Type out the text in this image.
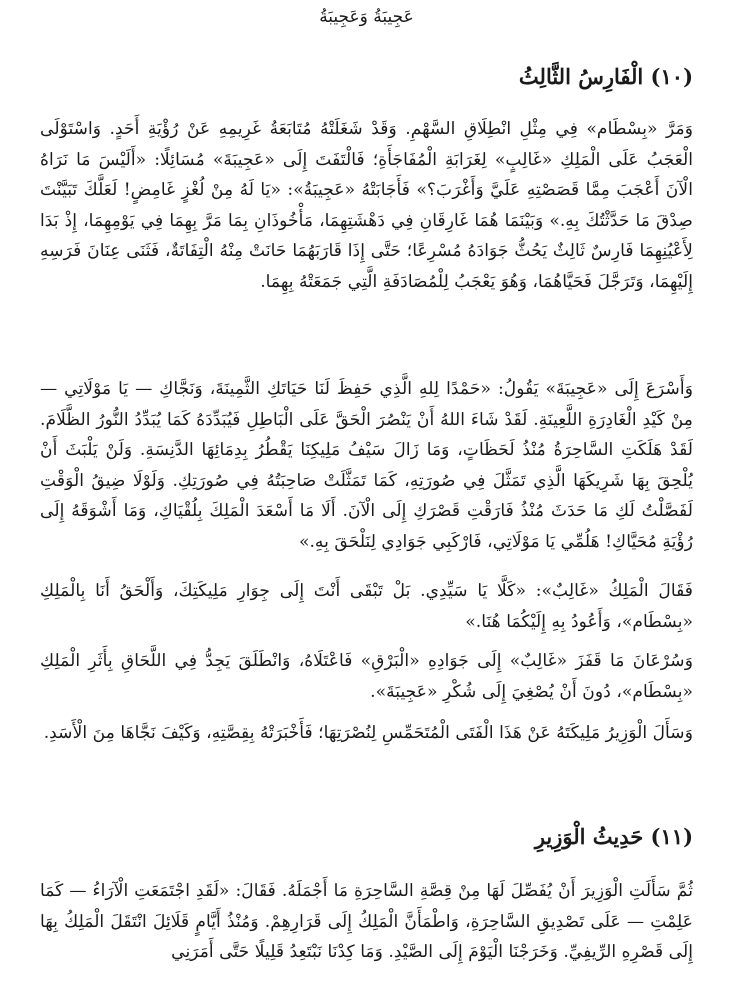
عَجِيبَةُ وَعَجِيبَةُ
(١٠) الْفَارِسُ الثَّالِثُ

وَمَرَّ «بِسْطَام» فِي مِثْلِ انْطِلَاقِ السَّهْمِ. وَقَدْ شَغَلَتْهُ مُتَابَعَةُ غَرِيمِهِ عَنْ رُؤْيَةِ أَحَدٍ. وَاسْتَوْلَى الْعَجَبُ عَلَى الْمَلِكِ «غَالِبٍ» لِغَرَابَةِ الْمُفَاجَأَةِ؛ فَالْتَفَتَ إِلَى «عَجِيبَةَ» مُسَائِلًا: «أَلَيْسَ مَا نَرَاهُ الْآنَ أَعْجَبَ مِمَّا قَصَصْتِهِ عَلَيَّ وَأَغْرَبَ؟» فَأَجَابَتْهُ «عَجِيبَةُ»: «يَا لَهُ مِنْ لُغْزٍ غَامِضٍ! لَعَلَّكَ تَبَيَّنْتَ صِدْقَ مَا حَدَّثْتُكَ بِهِ.» وَبَيْنَمَا هُمَا غَارِقَانِ فِي دَهْشَتِهِمَا، مَأْخُوذَانِ بِمَا مَرَّ بِهِمَا فِي يَوْمِهِمَا، إِذْ بَدَا لِأَعْيُنِهِمَا فَارِسٌ ثَالِثٌ يَحُثُّ جَوَادَهُ مُسْرِعًا؛ حَتَّى إِذَا قَارَبَهُمَا حَانَتْ مِنْهُ الْتِفَاتَةٌ، فَثَنَى عِنَانَ فَرَسِهِ إِلَيْهِمَا، وَتَرَجَّلَ فَحَيَّاهُمَا، وَهُوَ يَعْجَبُ لِلْمُصَادَفَةِ الَّتِي جَمَعَتْهُ بِهِمَا.

وَأَسْرَعَ إِلَى «عَجِيبَةَ» يَقُولُ: «حَمْدًا لِلهِ الَّذِي حَفِظَ لَنَا حَيَاتَكِ الثَّمِينَةَ، وَنَجَّاكِ — يَا مَوْلَاتِي — مِنْ كَيْدِ الْغَادِرَةِ اللَّعِينَةِ. لَقَدْ شَاءَ اللهُ أَنْ يَنْصُرَ الْحَقَّ عَلَى الْبَاطِلِ فَيُبَدِّدَهُ كَمَا يُبَدِّدُ النُّورُ الظَّلَامَ. لَقَدْ هَلَكَتِ السَّاحِرَةُ مُنْذُ لَحَظَاتٍ، وَمَا زَالَ سَيْفُ مَلِيكِنَا يَقْطُرُ بِدِمَائِهَا الدَّنِسَةِ. وَلَنْ يَلْبَثَ أَنْ يُلْحِقَ بِهَا شَرِيكَهَا الَّذِي تَمَثَّلَ فِي صُورَتِهِ، كَمَا تَمَثَّلَتْ صَاحِبَتُهُ فِي صُورَتِكِ. وَلَوْلَا ضِيقُ الْوَقْتِ لَفَصَّلْتُ لَكِ مَا حَدَثَ مُنْذُ فَارَقْتِ قَصْرَكِ إِلَى الْآنَ. أَلَا مَا أَسْعَدَ الْمَلِكَ بِلُقْيَاكِ، وَمَا أَشْوَقَهُ إِلَى رُؤْيَةِ مُحَيَّاكِ! هَلُمِّي يَا مَوْلَاتِي، فَارْكَبِي جَوَادِي لِنَلْحَقَ بِهِ.»

فَقَالَ الْمَلِكُ «غَالِبٌ»: «كَلَّا يَا سَيِّدِي. بَلْ تَبْقَى أَنْتَ إِلَى جِوَارِ مَلِيكَتِكَ، وَأَلْحَقُ أَنَا بِالْمَلِكِ «بِسْطَام»، وَأَعُودُ بِهِ إِلَيْكُمَا هُنَا.»

وَسُرْعَانَ مَا قَفَزَ «غَالِبٌ» إِلَى جَوَادِهِ «الْبَرْقِ» فَاعْتَلَاهُ، وَانْطَلَقَ يَجِدُّ فِي اللَّحَاقِ بِأَثَرِ الْمَلِكِ «بِسْطَام»، دُونَ أَنْ يُصْغِيَ إِلَى شُكْرِ «عَجِيبَةَ».

وَسَأَلَ الْوَزِيرُ مَلِيكَتَهُ عَنْ هَذَا الْفَتَى الْمُتَحَمِّسِ لِنُصْرَتِهَا؛ فَأَخْبَرَتْهُ بِقِصَّتِهِ، وَكَيْفَ نَجَّاهَا مِنَ الْأَسَدِ.

(١١) حَدِيثُ الْوَزِيرِ

ثُمَّ سَأَلَتِ الْوَزِيرَ أَنْ يُفَصِّلَ لَهَا مِنْ قِصَّةِ السَّاحِرَةِ مَا أَجْمَلَهُ. فَقَالَ: «لَقَدِ اجْتَمَعَتِ الْآرَاءُ — كَمَا عَلِمْتِ — عَلَى تَصْدِيقِ السَّاحِرَةِ، وَاطْمَأَنَّ الْمَلِكُ إِلَى قَرَارِهِمْ. وَمُنْذُ أَيَّامٍ قَلَائِلَ انْتَقَلَ الْمَلِكُ بِهَا إِلَى قَصْرِهِ الرِّيفِيِّ. وَخَرَجْنَا الْيَوْمَ إِلَى الصَّيْدِ. وَمَا كِدْنَا نَبْتَعِدُ قَلِيلًا حَتَّى أَمَرَنِي
